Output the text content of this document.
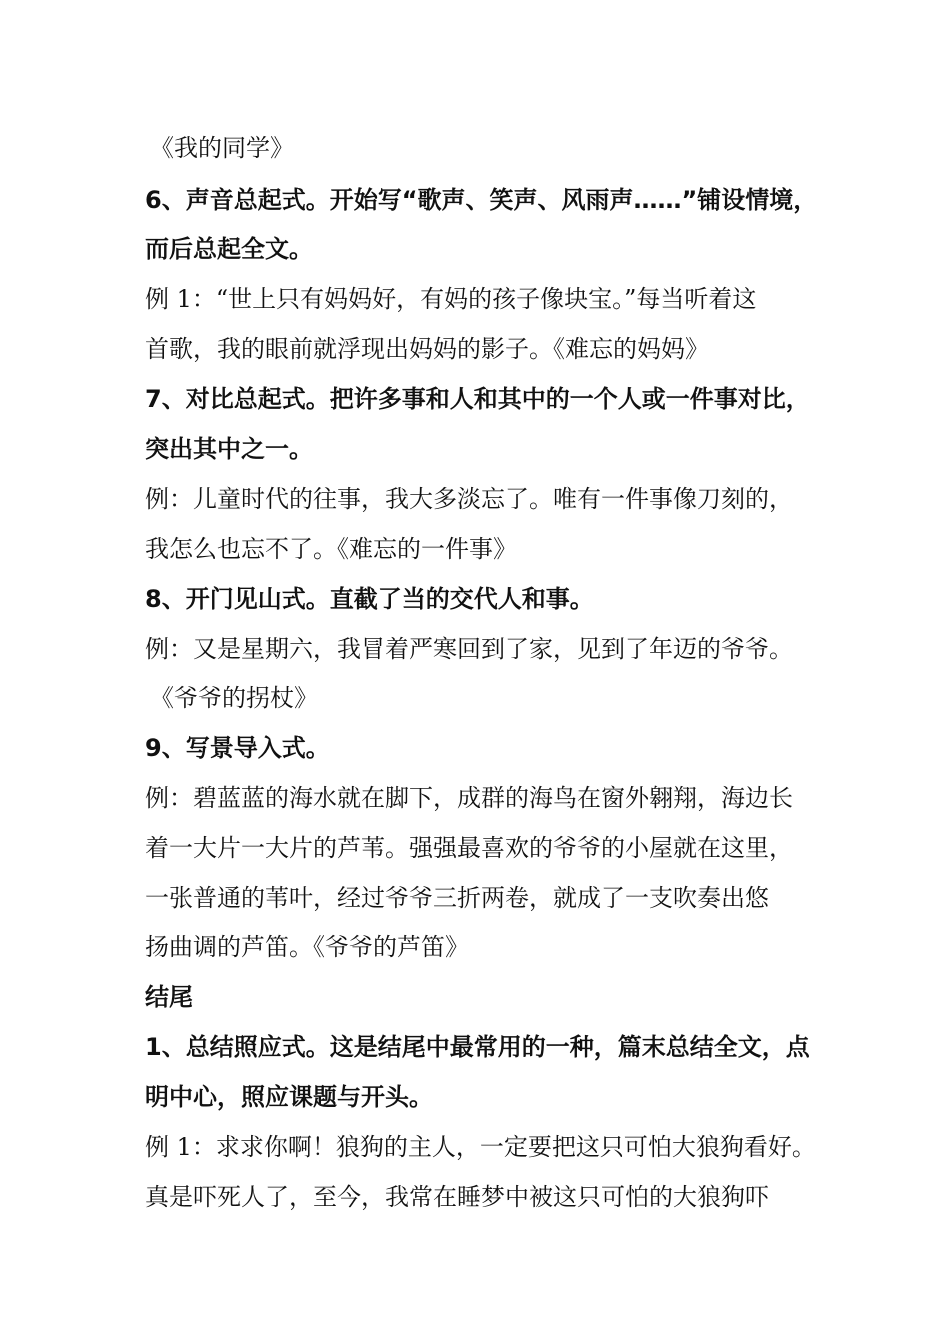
《我的同学》
6、声音总起式。开始写“歌声、笑声、风雨声……”铺设情境，
而后总起全文。
例 1：“世上只有妈妈好，有妈的孩子像块宝。”每当听着这
首歌，我的眼前就浮现出妈妈的影子。《难忘的妈妈》
7、对比总起式。把许多事和人和其中的一个人或一件事对比，
突出其中之一。
例：儿童时代的往事，我大多淡忘了。唯有一件事像刀刻的，
我怎么也忘不了。《难忘的一件事》
8、开门见山式。直截了当的交代人和事。
例：又是星期六，我冒着严寒回到了家，见到了年迈的爷爷。
《爷爷的拐杖》
9、写景导入式。
例：碧蓝蓝的海水就在脚下，成群的海鸟在窗外翱翔，海边长
着一大片一大片的芦苇。强强最喜欢的爷爷的小屋就在这里，
一张普通的苇叶，经过爷爷三折两卷，就成了一支吹奏出悠
扬曲调的芦笛。《爷爷的芦笛》
结尾
1、总结照应式。这是结尾中最常用的一种，篇末总结全文，点
明中心，照应课题与开头。
例 1：求求你啊！狼狗的主人，一定要把这只可怕大狼狗看好。
真是吓死人了，至今，我常在睡梦中被这只可怕的大狼狗吓
